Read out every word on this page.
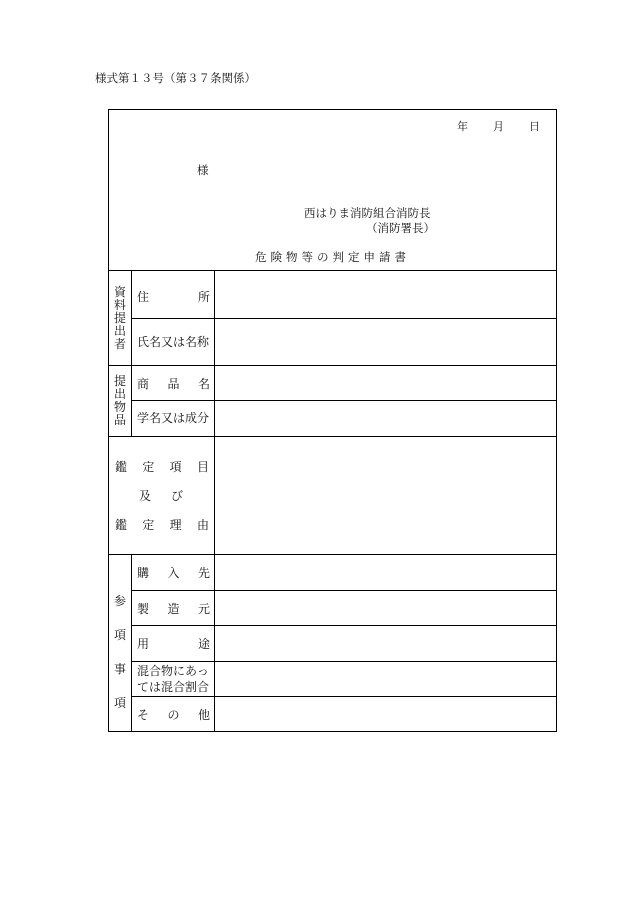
様式第１３号（第３７条関係）
年 月 日
様
西はりま消防組合消防長
（消防署長）
危険物等の判定申請書
資料提出者
住	所
氏名又は名称
提出物品
商 品 名
学名又は成分
鑑 定 項 目
及 び
鑑 定 理 由
参項事項
購 入 先
製 造 元
用	途
混合物にあっ
ては混合割合
そ の 他
